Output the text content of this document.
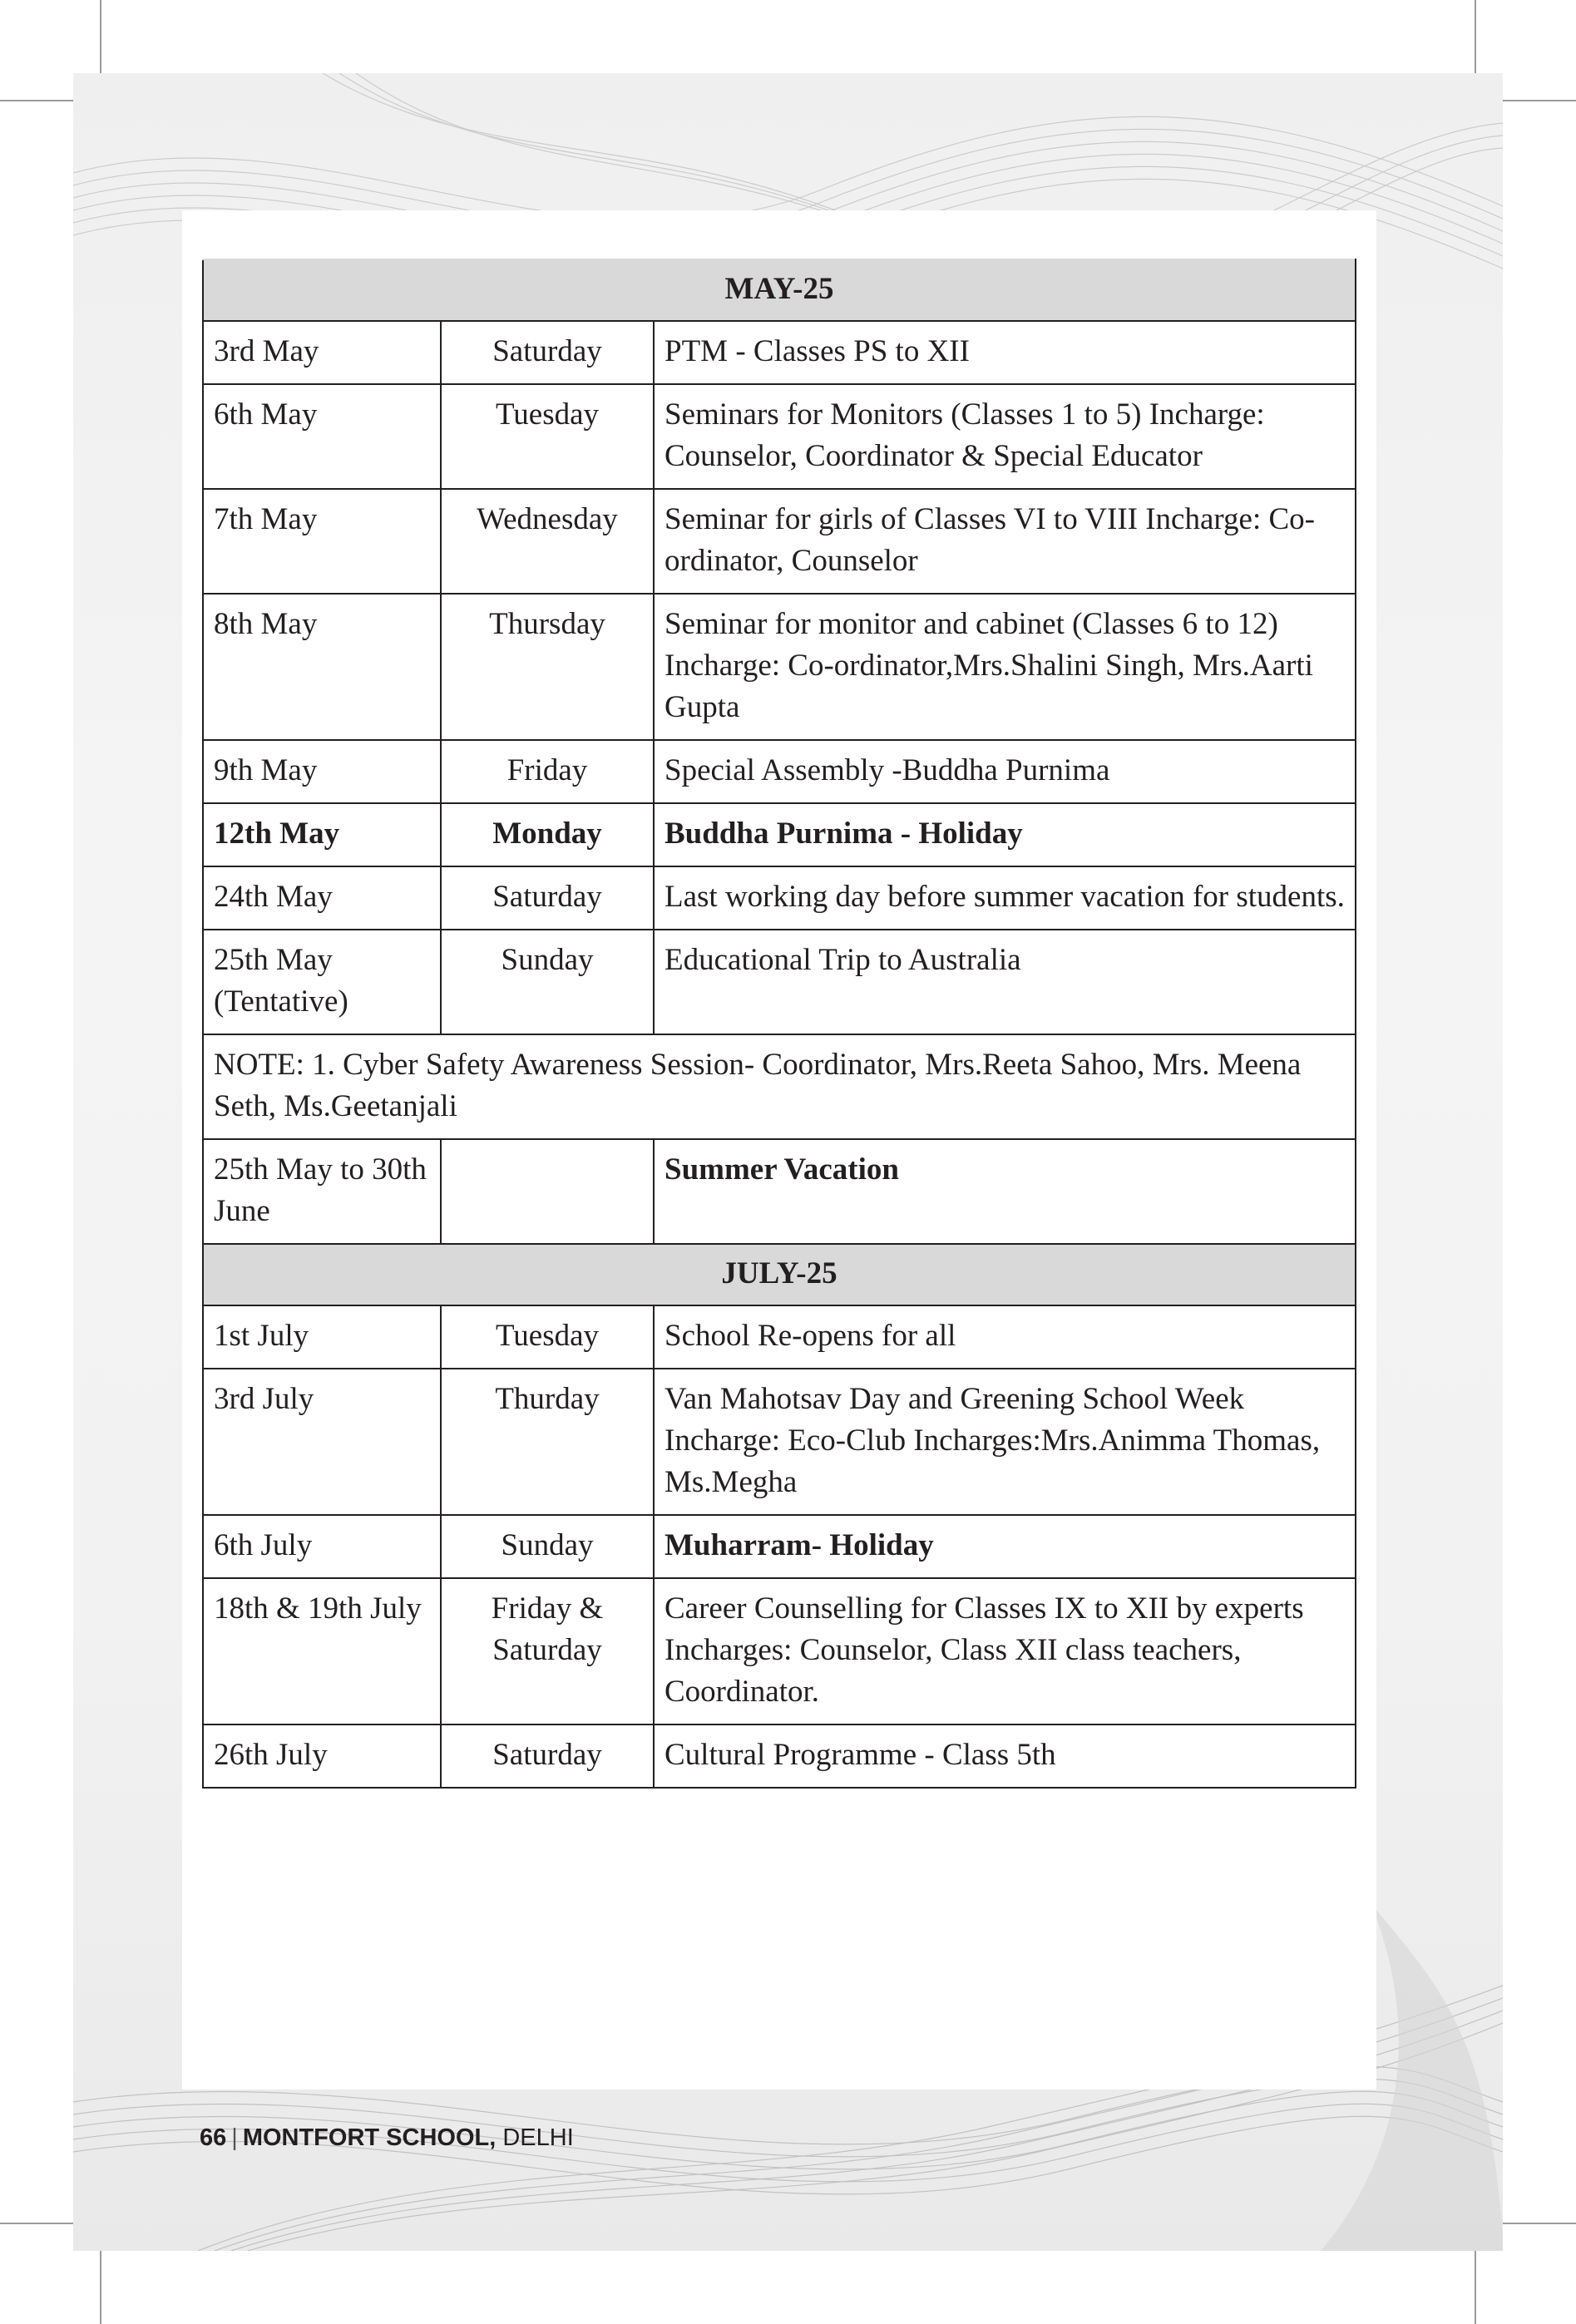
MAY-25		
3rd May	Saturday	PTM - Classes PS to XII
6th May	Tuesday	Seminars for Monitors (Classes 1 to 5) Incharge: Counselor, Coordinator & Special Educator
7th May	Wednesday	Seminar for girls of Classes VI to VIII Incharge: Co-ordinator, Counselor
8th May	Thursday	Seminar for monitor and cabinet (Classes 6 to 12) Incharge: Co-ordinator,Mrs.Shalini Singh, Mrs.Aarti Gupta
9th May	Friday	Special Assembly -Buddha Purnima
12th May	Monday	Buddha Purnima - Holiday
24th May	Saturday	Last working day before summer vacation for students.
25th May (Tentative)	Sunday	Educational Trip to Australia
NOTE: 1. Cyber Safety Awareness Session- Coordinator, Mrs.Reeta Sahoo, Mrs. Meena Seth, Ms.Geetanjali		
25th May to 30th June		Summer Vacation
JULY-25		
1st July	Tuesday	School Re-opens for all
3rd July	Thurday	Van Mahotsav Day and Greening School Week Incharge: Eco-Club Incharges:Mrs.Animma Thomas, Ms.Megha
6th July	Sunday	Muharram- Holiday
18th & 19th July	Friday & Saturday	Career Counselling for Classes IX to XII by experts Incharges: Counselor, Class XII class teachers, Coordinator.
26th July	Saturday	Cultural Programme - Class 5th
66 | MONTFORT SCHOOL, DELHI
